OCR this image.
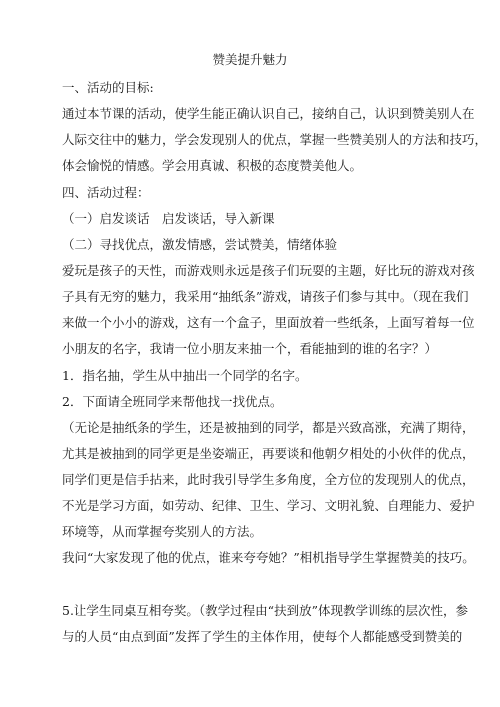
赞美提升魅力
一、活动的目标:
通过本节课的活动，使学生能正确认识自己，接纳自己，认识到赞美别人在
人际交往中的魅力，学会发现别人的优点，掌握一些赞美别人的方法和技巧，
体会愉悦的情感。学会用真诚、积极的态度赞美他人。
四、活动过程：
（一）启发谈话　启发谈话，导入新课
（二）寻找优点，激发情感，尝试赞美，情绪体验
爱玩是孩子的天性，而游戏则永远是孩子们玩耍的主题，好比玩的游戏对孩
子具有无穷的魅力，我采用“抽纸条”游戏，请孩子们参与其中。（现在我们
来做一个小小的游戏，这有一个盒子，里面放着一些纸条，上面写着每一位
小朋友的名字，我请一位小朋友来抽一个，看能抽到的谁的名字？）
1．指名抽，学生从中抽出一个同学的名字。
2．下面请全班同学来帮他找一找优点。
（无论是抽纸条的学生，还是被抽到的同学，都是兴致高涨，充满了期待，
尤其是被抽到的同学更是坐姿端正，再要谈和他朝夕相处的小伙伴的优点，
同学们更是信手拈来，此时我引导学生多角度，全方位的发现别人的优点，
不光是学习方面，如劳动、纪律、卫生、学习、文明礼貌、自理能力、爱护
环境等，从而掌握夸奖别人的方法。
我问“大家发现了他的优点，谁来夸夸她？”相机指导学生掌握赞美的技巧。
5.让学生同桌互相夸奖。（教学过程由“扶到放”体现教学训练的层次性，参
与的人员“由点到面”发挥了学生的主体作用，使每个人都能感受到赞美的
